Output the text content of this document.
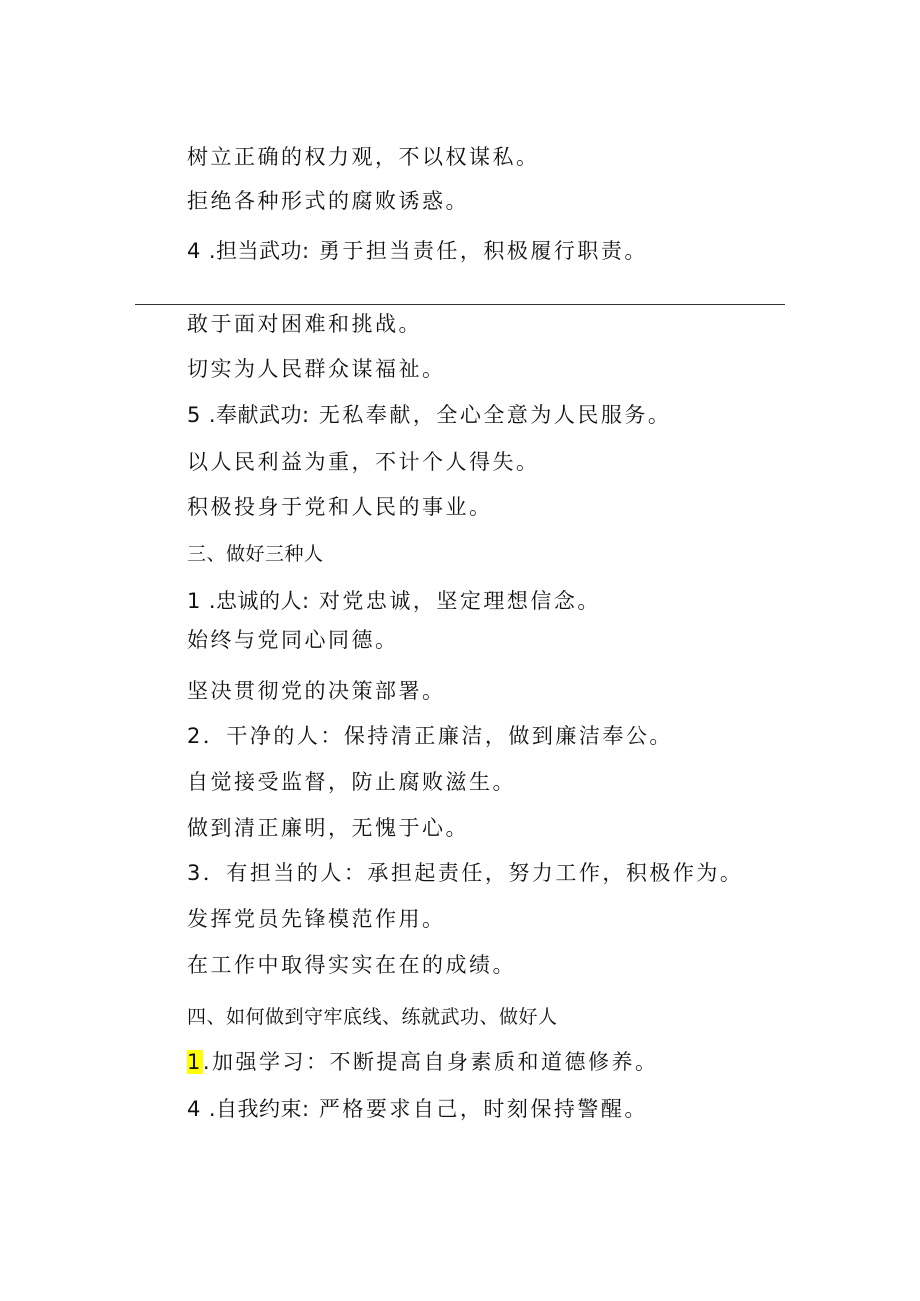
树立正确的权力观，不以权谋私。
拒绝各种形式的腐败诱惑。
4 .担当武功: 勇于担当责任，积极履行职责。
敢于面对困难和挑战。
切实为人民群众谋福祉。
5 .奉献武功: 无私奉献，全心全意为人民服务。
以人民利益为重，不计个人得失。
积极投身于党和人民的事业。
三、做好三种人
1 .忠诚的人: 对党忠诚，坚定理想信念。
始终与党同心同德。
坚决贯彻党的决策部署。
2．干净的人：保持清正廉洁，做到廉洁奉公。
自觉接受监督，防止腐败滋生。
做到清正廉明，无愧于心。
3．有担当的人：承担起责任，努力工作，积极作为。
发挥党员先锋模范作用。
在工作中取得实实在在的成绩。
四、如何做到守牢底线、练就武功、做好人
1.加强学习：不断提高自身素质和道德修养。
4 .自我约束: 严格要求自己，时刻保持警醒。
